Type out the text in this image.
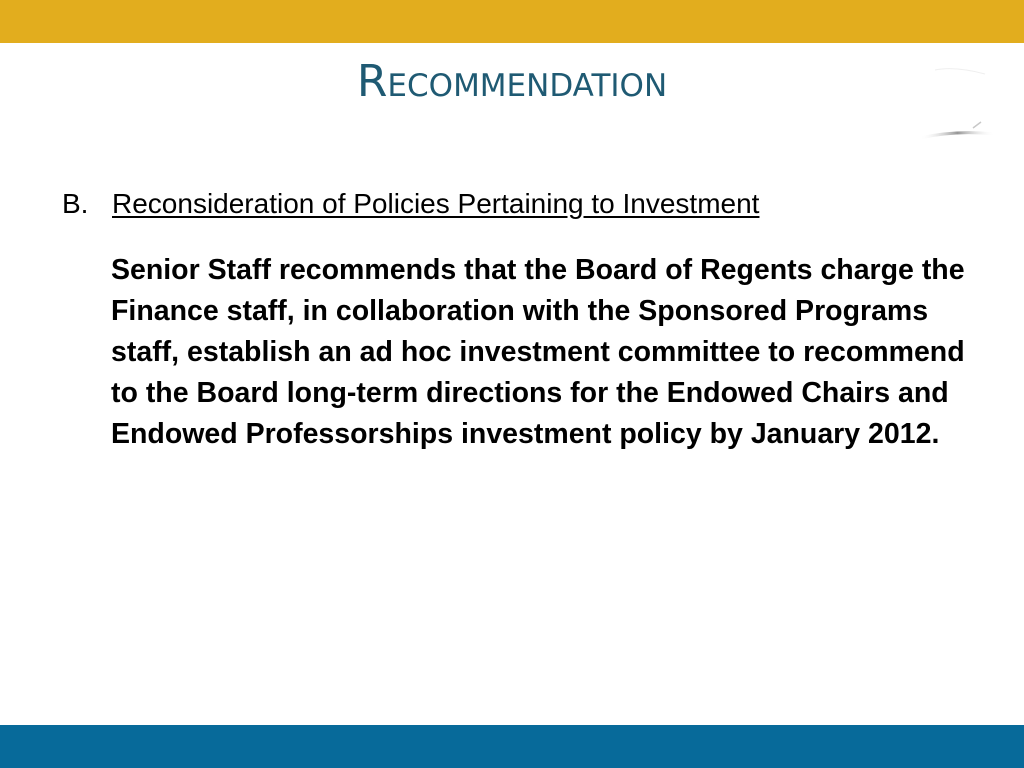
Recommendation
B. Reconsideration of Policies Pertaining to Investment

Senior Staff recommends that the Board of Regents charge the Finance staff, in collaboration with the Sponsored Programs staff, establish an ad hoc investment committee to recommend to the Board long-term directions for the Endowed Chairs and Endowed Professorships investment policy by January 2012.
